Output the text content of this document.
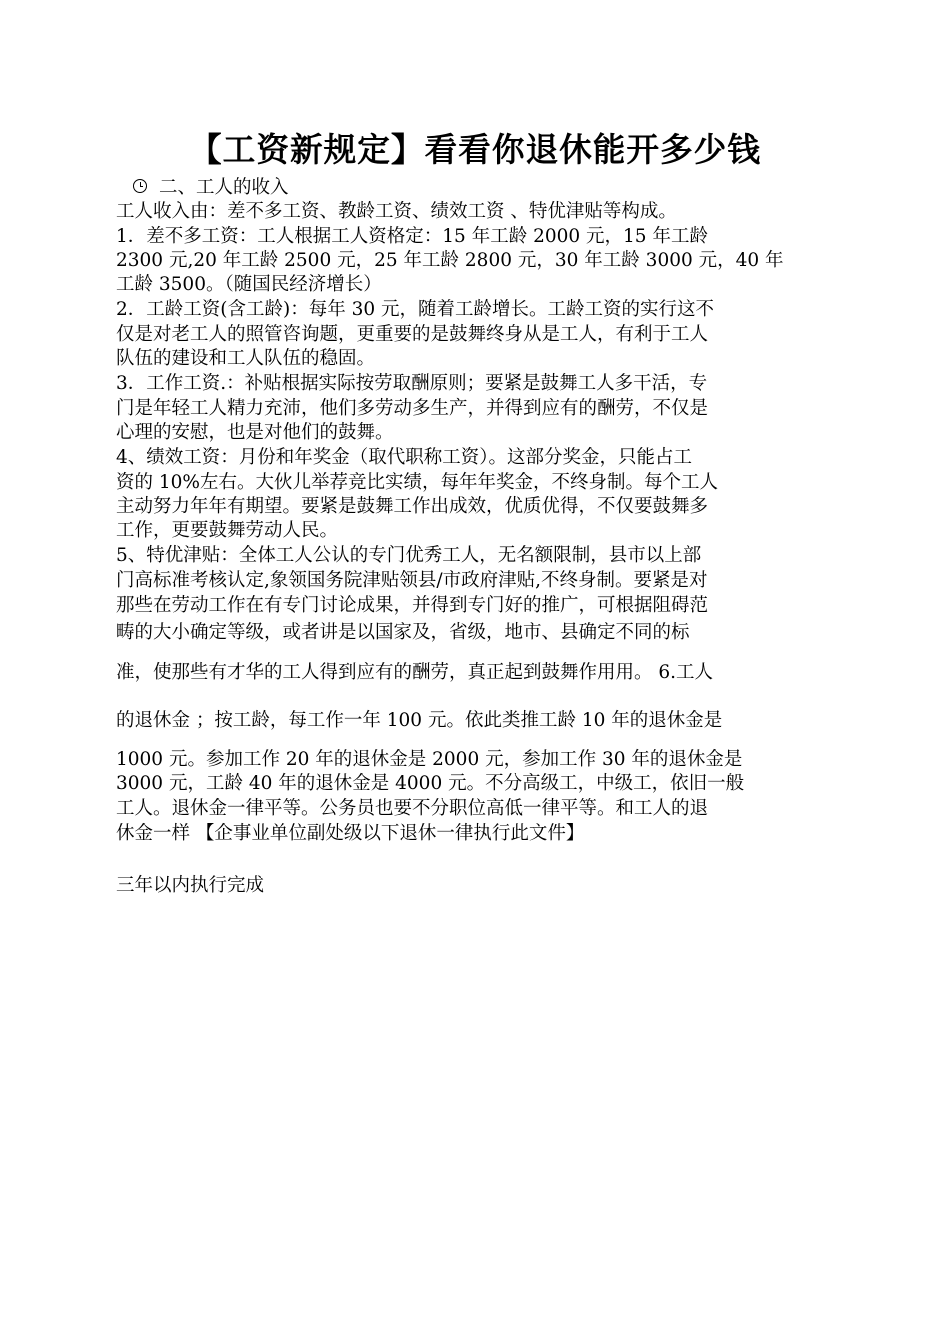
【工资新规定】看看你退休能开多少钱
二、工人的收入
工人收入由：差不多工资、教龄工资、绩效工资 、特优津贴等构成。
1．差不多工资：工人根据工人资格定：15 年工龄 2000 元，15 年工龄
2300 元,20 年工龄 2500 元，25 年工龄 2800 元，30 年工龄 3000 元，40 年
工龄 3500。（随国民经济增长）
2．工龄工资(含工龄)：每年 30 元，随着工龄增长。工龄工资的实行这不
仅是对老工人的照管咨询题，更重要的是鼓舞终身从是工人，有利于工人
队伍的建设和工人队伍的稳固。
3．工作工资.：补贴根据实际按劳取酬原则；要紧是鼓舞工人多干活，专
门是年轻工人精力充沛，他们多劳动多生产，并得到应有的酬劳，不仅是
心理的安慰，也是对他们的鼓舞。
4、绩效工资：月份和年奖金（取代职称工资）。这部分奖金，只能占工
资的 10%左右。大伙儿举荐竞比实绩，每年年奖金，不终身制。每个工人
主动努力年年有期望。要紧是鼓舞工作出成效，优质优得，不仅要鼓舞多
工作，更要鼓舞劳动人民。
5、特优津贴：全体工人公认的专门优秀工人，无名额限制，县市以上部
门高标准考核认定,象领国务院津贴领县/市政府津贴,不终身制。要紧是对
那些在劳动工作在有专门讨论成果，并得到专门好的推广，可根据阻碍范
畴的大小确定等级，或者讲是以国家及，省级，地市、县确定不同的标
准，使那些有才华的工人得到应有的酬劳，真正起到鼓舞作用用。 6.工人
的退休金 ；按工龄，每工作一年 100 元。依此类推工龄 10 年的退休金是
1000 元。参加工作 20 年的退休金是 2000 元，参加工作 30 年的退休金是
3000 元，工龄 40 年的退休金是 4000 元。不分高级工，中级工，依旧一般
工人。退休金一律平等。公务员也要不分职位高低一律平等。和工人的退
休金一样 【企事业单位副处级以下退休一律执行此文件】
三年以内执行完成
